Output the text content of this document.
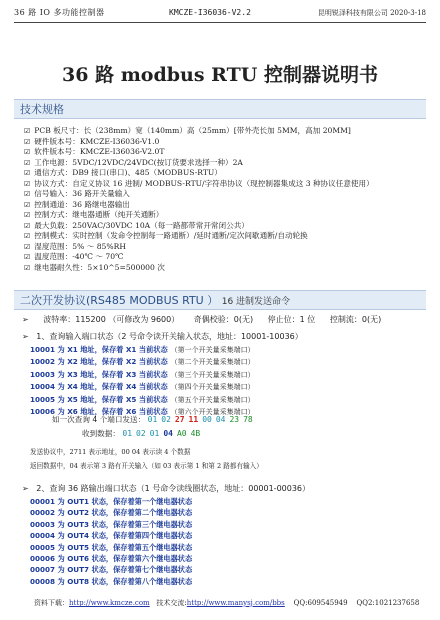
36 路 IO 多功能控制器	KMCZE-I36036-V2.2	昆明锐泽科技有限公司 2020-3-18
36 路 modbus RTU 控制器说明书
技术规格
☑ PCB 板尺寸：长（238mm）宽（140mm）高（25mm）[带外壳长加 5MM，高加 20MM]
☑ 硬件版本号：KMCZE-I36036-V1.0
☑ 软件版本号：KMCZE-I36036-V2.0T
☑ 工作电源：5VDC/12VDC/24VDC(按订货要求选择一种）2A
☑ 通信方式：DB9 接口(串口)、485（MODBUS-RTU）
☑ 协议方式：自定义协议 16 进制/ MODBUS-RTU/字符串协议（现控制器集成这 3 种协议任意使用）
☑ 信号输入：36 路开关量输入
☑ 控制通道：36 路继电器输出
☑ 控制方式：继电器通断（纯开关通断）
☑ 最大负载：250VAC/30VDC 10A（每一路都带常开常闭公共）
☑ 控制模式：实时控制（发命令控制每一路通断）/延时通断/定次间歇通断/自动轮换
☑ 湿度范围：5% ～ 85%RH
☑ 温度范围：-40℃ ～ 70℃
☑ 继电器耐久性：5×10^5=500000 次
二次开发协议(RS485 MODBUS RTU ） 16 进制发送命令
➢ 波特率：115200 （可修改为 9600） 奇偶校验：0(无) 停止位：1 位 控制流：0(无)
➢ 1、查询输入端口状态（2 号命令读开关输入状态，地址：10001-10036）
10001 为 X1 地址，保存着 X1 当前状态 （第一个开关量采集端口）
10002 为 X2 地址，保存着 X2 当前状态 （第二个开关量采集端口）
10003 为 X3 地址，保存着 X3 当前状态 （第三个开关量采集端口）
10004 为 X4 地址，保存着 X4 当前状态 （第四个开关量采集端口）
10005 为 X5 地址，保存着 X5 当前状态 （第五个开关量采集端口）
10006 为 X6 地址，保存着 X6 当前状态 （第六个开关量采集端口）
如一次查询 4 个端口发送： 01 02 27 11 00 04 23 78
收到数据： 01 02 01 04 A0 4B
发送协议中，2711 表示地址，00 04 表示读 4 个数据
返回数据中，04 表示第 3 路有开关输入（如 03 表示第 1 和第 2 路都有输入）
➢ 2、查询 36 路输出端口状态（1 号命令读线圈状态，地址：00001-00036）
00001 为 OUT1 状态，保存着第一个继电器状态
00002 为 OUT2 状态，保存着第二个继电器状态
00003 为 OUT3 状态，保存着第三个继电器状态
00004 为 OUT4 状态，保存着第四个继电器状态
00005 为 OUT5 状态，保存着第五个继电器状态
00006 为 OUT6 状态，保存着第六个继电器状态
00007 为 OUT7 状态，保存着第七个继电器状态
00008 为 OUT8 状态，保存着第八个继电器状态
资料下载：http://www.kmcze.com 技术交流:http://www.manysj.com/bbs QQ:609545949 QQ2:1021237658
